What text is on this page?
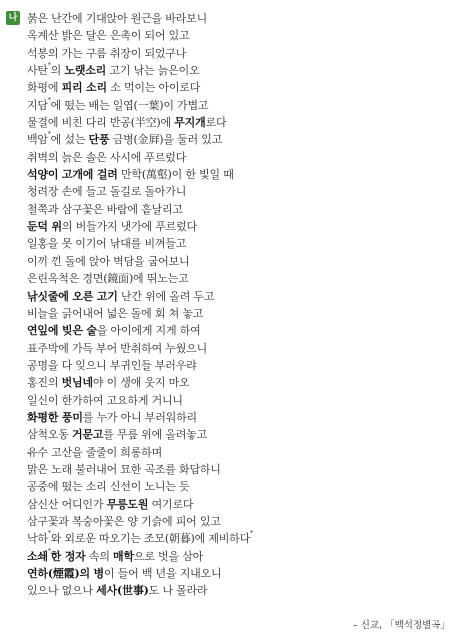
나 붉은 난간에 기대앉아 원근을 바라보니
옥계산 밝은 달은 은촉이 되어 있고
석봉의 가는 구름 취장이 되었구나
사탄*의 노랫소리 고기 낚는 늙은이오
화평에 피리 소리 소 먹이는 아이로다
지담*에 떴는 배는 일엽(一葉)이 가볍고
물결에 비친 다리 반공(半空)에 무지개로다
백암*에 섰는 단풍 금병(金屛)을 둘러 있고
취벽의 늙은 솔은 사시에 푸르렀다
석양이 고개에 걸려 만학(萬壑)이 한 빛일 때
청려장 손에 들고 돌길로 돌아가니
철쭉과 삼구꽃은 바람에 흩날리고
둔덕 위의 버들가지 냇가에 푸르렀다
일홍을 못 이기어 낚대를 비껴들고
이끼 낀 돌에 앉아 벽담을 굽어보니
은린옥척은 경면(鏡面)에 뛰노는고
낚싯줄에 오른 고기 난간 위에 올려 두고
비늘을 긁어내어 넓은 돌에 회 쳐 놓고
연잎에 빚은 술을 아이에게 지게 하여
표주박에 가득 부어 반취하여 누웠으니
공명을 다 잊으니 부귀인들 부러우랴
홍진의 벗님네야 이 생애 웃지 마오
일신이 한가하여 고요하게 거니니
화평한 풍미를 누가 아니 부러워하리
삼척오동 거문고를 무릎 위에 올려놓고
유수 고산을 줄줄이 희롱하며
맑은 노래 불러내어 묘한 곡조를 화답하니
공중에 떴는 소리 신선이 노니는 듯
삼신산 어디인가 무릉도원 여기로다
삼구꽃과 복숭아꽃은 양 기슭에 피어 있고
낙하*와 외로운 따오기는 조모(朝暮)에 제비하다*
소쇄*한 정자 속의 매학으로 벗을 삼아
연하(煙霞)의 병이 들어 백 년을 지내오니
있으나 없으나 세사(世事)도 나 몰라라
– 신교, 「백석정별곡」
